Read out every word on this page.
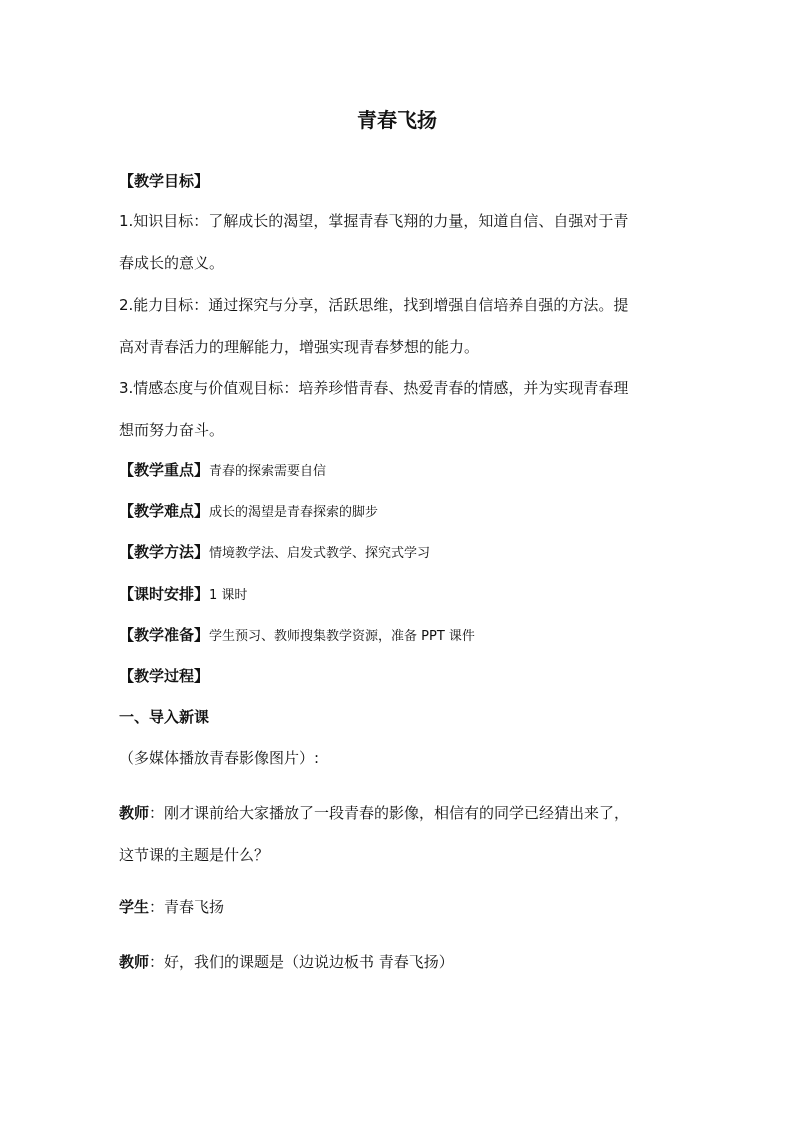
青春飞扬
【教学目标】
1.知识目标：了解成长的渴望，掌握青春飞翔的力量，知道自信、自强对于青
春成长的意义。
2.能力目标：通过探究与分享，活跃思维，找到增强自信培养自强的方法。提
高对青春活力的理解能力，增强实现青春梦想的能力。
3.情感态度与价值观目标：培养珍惜青春、热爱青春的情感，并为实现青春理
想而努力奋斗。
【教学重点】青春的探索需要自信
【教学难点】成长的渴望是青春探索的脚步
【教学方法】情境教学法、启发式教学、探究式学习
【课时安排】1 课时
【教学准备】学生预习、教师搜集教学资源，准备 PPT 课件
【教学过程】
一、导入新课
（多媒体播放青春影像图片）:
教师：刚才课前给大家播放了一段青春的影像，相信有的同学已经猜出来了，
这节课的主题是什么？
学生：青春飞扬
教师：好，我们的课题是（边说边板书 青春飞扬）
